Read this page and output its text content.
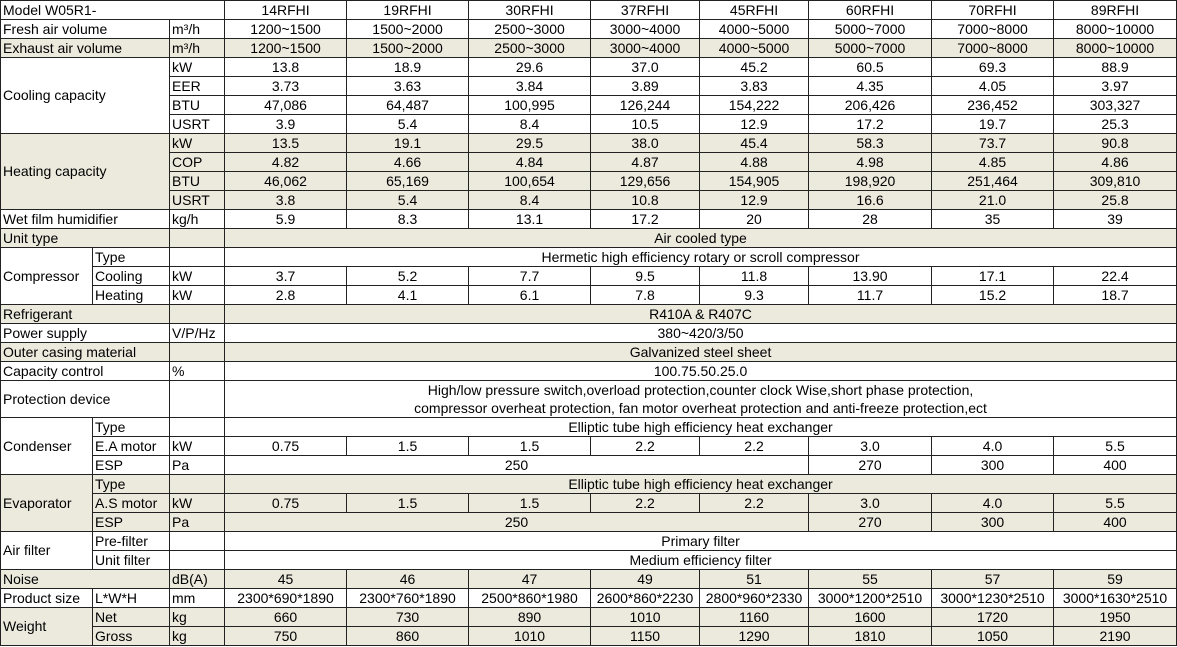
Model W05R1-			14RFHI	19RFHI	30RFHI	37RFHI	45RFHI	60RFHI	70RFHI	89RFHI
Fresh air volume		m³/h	1200~1500	1500~2000	2500~3000	3000~4000	4000~5000	5000~7000	7000~8000	8000~10000
Exhaust air volume		m³/h	1200~1500	1500~2000	2500~3000	3000~4000	4000~5000	5000~7000	7000~8000	8000~10000
Cooling capacity		kW	13.8	18.9	29.6	37.0	45.2	60.5	69.3	88.9
		EER	3.73	3.63	3.84	3.89	3.83	4.35	4.05	3.97
		BTU	47,086	64,487	100,995	126,244	154,222	206,426	236,452	303,327
		USRT	3.9	5.4	8.4	10.5	12.9	17.2	19.7	25.3
Heating capacity		kW	13.5	19.1	29.5	38.0	45.4	58.3	73.7	90.8
		COP	4.82	4.66	4.84	4.87	4.88	4.98	4.85	4.86
		BTU	46,062	65,169	100,654	129,656	154,905	198,920	251,464	309,810
		USRT	3.8	5.4	8.4	10.8	12.9	16.6	21.0	25.8
Wet film humidifier		kg/h	5.9	8.3	13.1	17.2	20	28	35	39
Unit type			Air cooled type							
Compressor	Type		Hermetic high efficiency rotary or scroll compressor							
	Cooling	kW	3.7	5.2	7.7	9.5	11.8	13.90	17.1	22.4
	Heating	kW	2.8	4.1	6.1	7.8	9.3	11.7	15.2	18.7
Refrigerant			R410A & R407C							
Power supply		V/P/Hz	380~420/3/50							
Outer casing material			Galvanized steel sheet							
Capacity control		%	100.75.50.25.0							
Protection device			High/low pressure switch,overload protection,counter clock Wise,short phase protection,							
			compressor overheat protection, fan motor overheat protection and anti-freeze protection,ect							
Condenser	Type		Elliptic tube high efficiency heat exchanger							
	E.A motor	kW	0.75	1.5	1.5	2.2	2.2	3.0	4.0	5.5
	ESP	Pa	250					270	300	400
Evaporator	Type		Elliptic tube high efficiency heat exchanger							
	A.S motor	kW	0.75	1.5	1.5	2.2	2.2	3.0	4.0	5.5
	ESP	Pa	250					270	300	400
Air filter	Pre-filter		Primary filter							
	Unit filter		Medium efficiency filter							
Noise		dB(A)	45	46	47	49	51	55	57	59
Product size	L*W*H	mm	2300*690*1890	2300*760*1890	2500*860*1980	2600*860*2230	2800*960*2330	3000*1200*2510	3000*1230*2510	3000*1630*2510
Weight	Net	kg	660	730	890	1010	1160	1600	1720	1950
	Gross	kg	750	860	1010	1150	1290	1810	1050	2190
